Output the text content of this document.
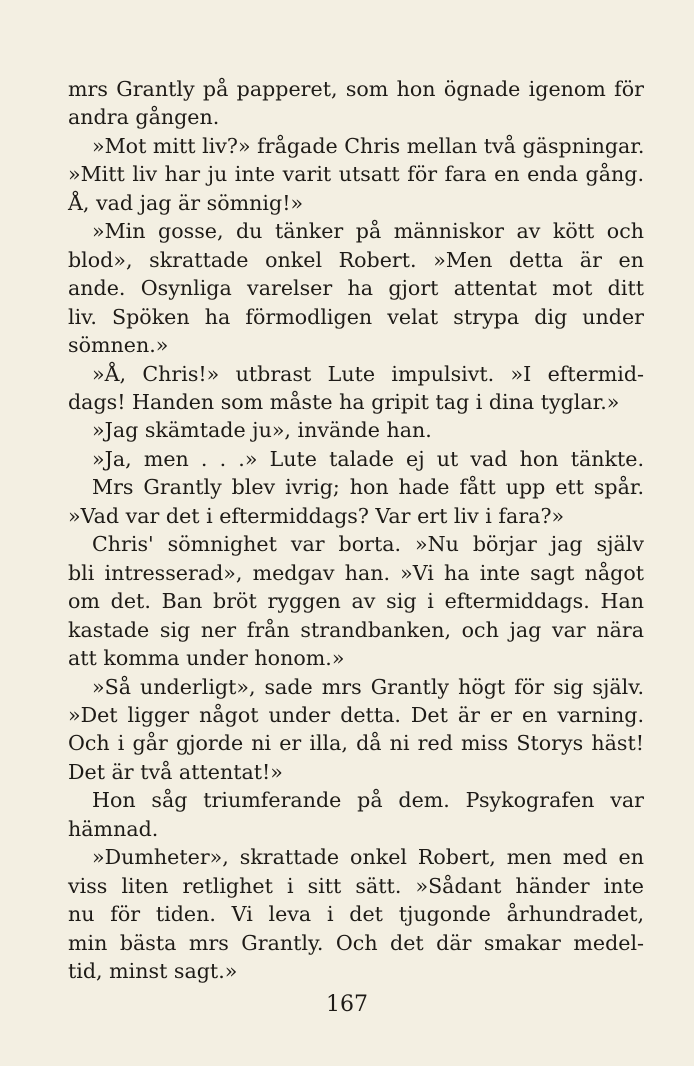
mrs Grantly på papperet, som hon ögnade igenom för
andra gången.
»Mot mitt liv?» frågade Chris mellan två gäspningar.
»Mitt liv har ju inte varit utsatt för fara en enda gång.
Å, vad jag är sömnig!»
»Min gosse, du tänker på människor av kött och
blod», skrattade onkel Robert. »Men detta är en
ande. Osynliga varelser ha gjort attentat mot ditt
liv. Spöken ha förmodligen velat strypa dig under
sömnen.»
»Å, Chris!» utbrast Lute impulsivt. »I eftermid-
dags! Handen som måste ha gripit tag i dina tyglar.»
»Jag skämtade ju», invände han.
»Ja, men . . .» Lute talade ej ut vad hon tänkte.
Mrs Grantly blev ivrig; hon hade fått upp ett spår.
»Vad var det i eftermiddags? Var ert liv i fara?»
Chris' sömnighet var borta. »Nu börjar jag själv
bli intresserad», medgav han. »Vi ha inte sagt något
om det. Ban bröt ryggen av sig i eftermiddags. Han
kastade sig ner från strandbanken, och jag var nära
att komma under honom.»
»Så underligt», sade mrs Grantly högt för sig själv.
»Det ligger något under detta. Det är er en varning.
Och i går gjorde ni er illa, då ni red miss Storys häst!
Det är två attentat!»
Hon såg triumferande på dem. Psykografen var
hämnad.
»Dumheter», skrattade onkel Robert, men med en
viss liten retlighet i sitt sätt. »Sådant händer inte
nu för tiden. Vi leva i det tjugonde århundradet,
min bästa mrs Grantly. Och det där smakar medel-
tid, minst sagt.»
167
